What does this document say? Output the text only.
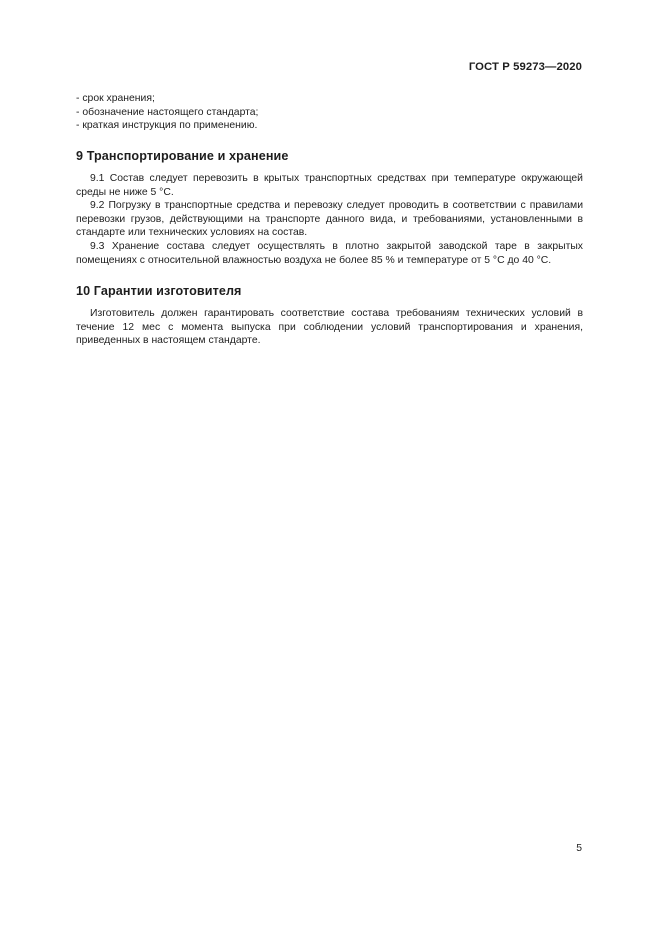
ГОСТ Р 59273—2020
- срок хранения;
- обозначение настоящего стандарта;
- краткая инструкция по применению.
9 Транспортирование и хранение

9.1 Состав следует перевозить в крытых транспортных средствах при температуре окружающей среды не ниже 5 °С.

9.2 Погрузку в транспортные средства и перевозку следует проводить в соответствии с правилами перевозки грузов, действующими на транспорте данного вида, и требованиями, установленными в стандарте или технических условиях на состав.

9.3 Хранение состава следует осуществлять в плотно закрытой заводской таре в закрытых помещениях с относительной влажностью воздуха не более 85 % и температуре от 5 °С до 40 °С.

10 Гарантии изготовителя

Изготовитель должен гарантировать соответствие состава требованиям технических условий в течение 12 мес с момента выпуска при соблюдении условий транспортирования и хранения, приведенных в настоящем стандарте.

5
